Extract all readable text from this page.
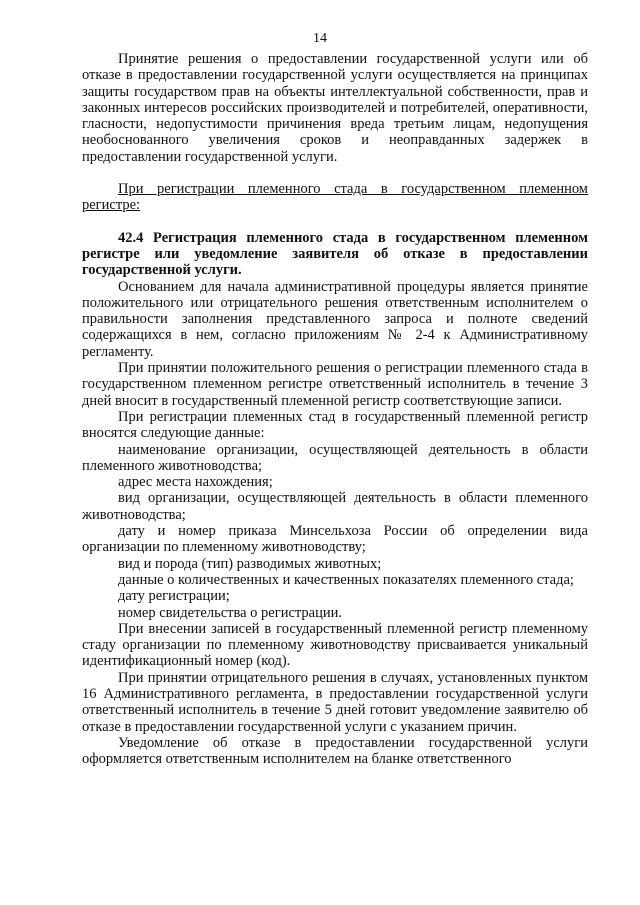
14

Принятие решения о предоставлении государственной услуги или об отказе в предоставлении государственной услуги осуществляется на принципах защиты государством прав на объекты интеллектуальной собственности, прав и законных интересов российских производителей и потребителей, оперативности, гласности, недопустимости причинения вреда третьим лицам, недопущения необоснованного увеличения сроков и неоправданных задержек в предоставлении государственной услуги.

При регистрации племенного стада в государственном племенном регистре:

42.4 Регистрация племенного стада в государственном племенном регистре или уведомление заявителя об отказе в предоставлении государственной услуги.

Основанием для начала административной процедуры является принятие положительного или отрицательного решения ответственным исполнителем о правильности заполнения представленного запроса и полноте сведений содержащихся в нем, согласно приложениям № 2-4 к Административному регламенту.

При принятии положительного решения о регистрации племенного стада в государственном племенном регистре ответственный исполнитель в течение 3 дней вносит в государственный племенной регистр соответствующие записи.

При регистрации племенных стад в государственный племенной регистр вносятся следующие данные:

наименование организации, осуществляющей деятельность в области племенного животноводства;

адрес места нахождения;

вид организации, осуществляющей деятельность в области племенного животноводства;

дату и номер приказа Минсельхоза России об определении вида организации по племенному животноводству;

вид и порода (тип) разводимых животных;

данные о количественных и качественных показателях племенного стада;

дату регистрации;

номер свидетельства о регистрации.

При внесении записей в государственный племенной регистр племенному стаду организации по племенному животноводству присваивается уникальный идентификационный номер (код).

При принятии отрицательного решения в случаях, установленных пунктом 16 Административного регламента, в предоставлении государственной услуги ответственный исполнитель в течение 5 дней готовит уведомление заявителю об отказе в предоставлении государственной услуги с указанием причин.

Уведомление об отказе в предоставлении государственной услуги оформляется ответственным исполнителем на бланке ответственного
